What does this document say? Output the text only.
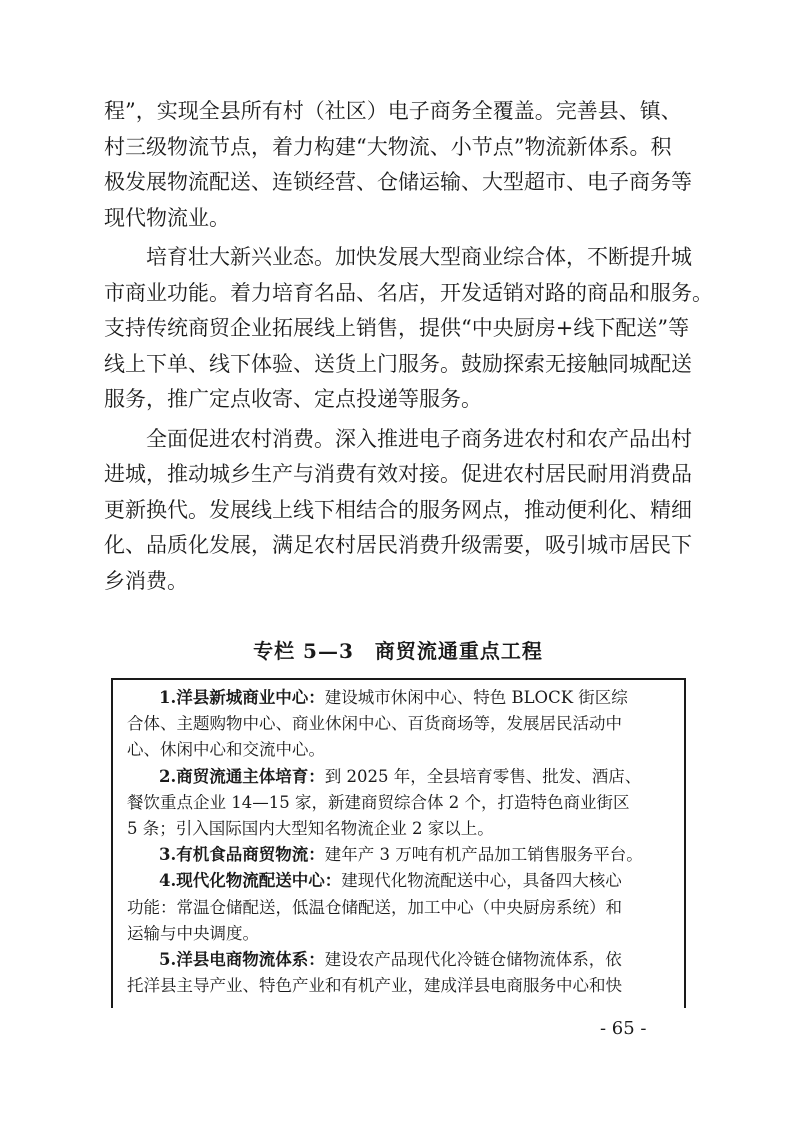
程”，实现全县所有村（社区）电子商务全覆盖。完善县、镇、
村三级物流节点，着力构建“大物流、小节点”物流新体系。积
极发展物流配送、连锁经营、仓储运输、大型超市、电子商务等
现代物流业。

培育壮大新兴业态。加快发展大型商业综合体，不断提升城
市商业功能。着力培育名品、名店，开发适销对路的商品和服务。
支持传统商贸企业拓展线上销售，提供“中央厨房+线下配送”等
线上下单、线下体验、送货上门服务。鼓励探索无接触同城配送
服务，推广定点收寄、定点投递等服务。

全面促进农村消费。深入推进电子商务进农村和农产品出村
进城，推动城乡生产与消费有效对接。促进农村居民耐用消费品
更新换代。发展线上线下相结合的服务网点，推动便利化、精细
化、品质化发展，满足农村居民消费升级需要，吸引城市居民下
乡消费。

专栏 5—3　商贸流通重点工程
1.洋县新城商业中心：建设城市休闲中心、特色 BLOCK 街区综
合体、主题购物中心、商业休闲中心、百货商场等，发展居民活动中
心、休闲中心和交流中心。
2.商贸流通主体培育：到 2025 年，全县培育零售、批发、酒店、
餐饮重点企业 14—15 家，新建商贸综合体 2 个，打造特色商业街区
5 条；引入国际国内大型知名物流企业 2 家以上。
3.有机食品商贸物流：建年产 3 万吨有机产品加工销售服务平台。
4.现代化物流配送中心：建现代化物流配送中心，具备四大核心
功能：常温仓储配送，低温仓储配送，加工中心（中央厨房系统）和
运输与中央调度。
5.洋县电商物流体系：建设农产品现代化冷链仓储物流体系，依
托洋县主导产业、特色产业和有机产业，建成洋县电商服务中心和快
- 65 -
